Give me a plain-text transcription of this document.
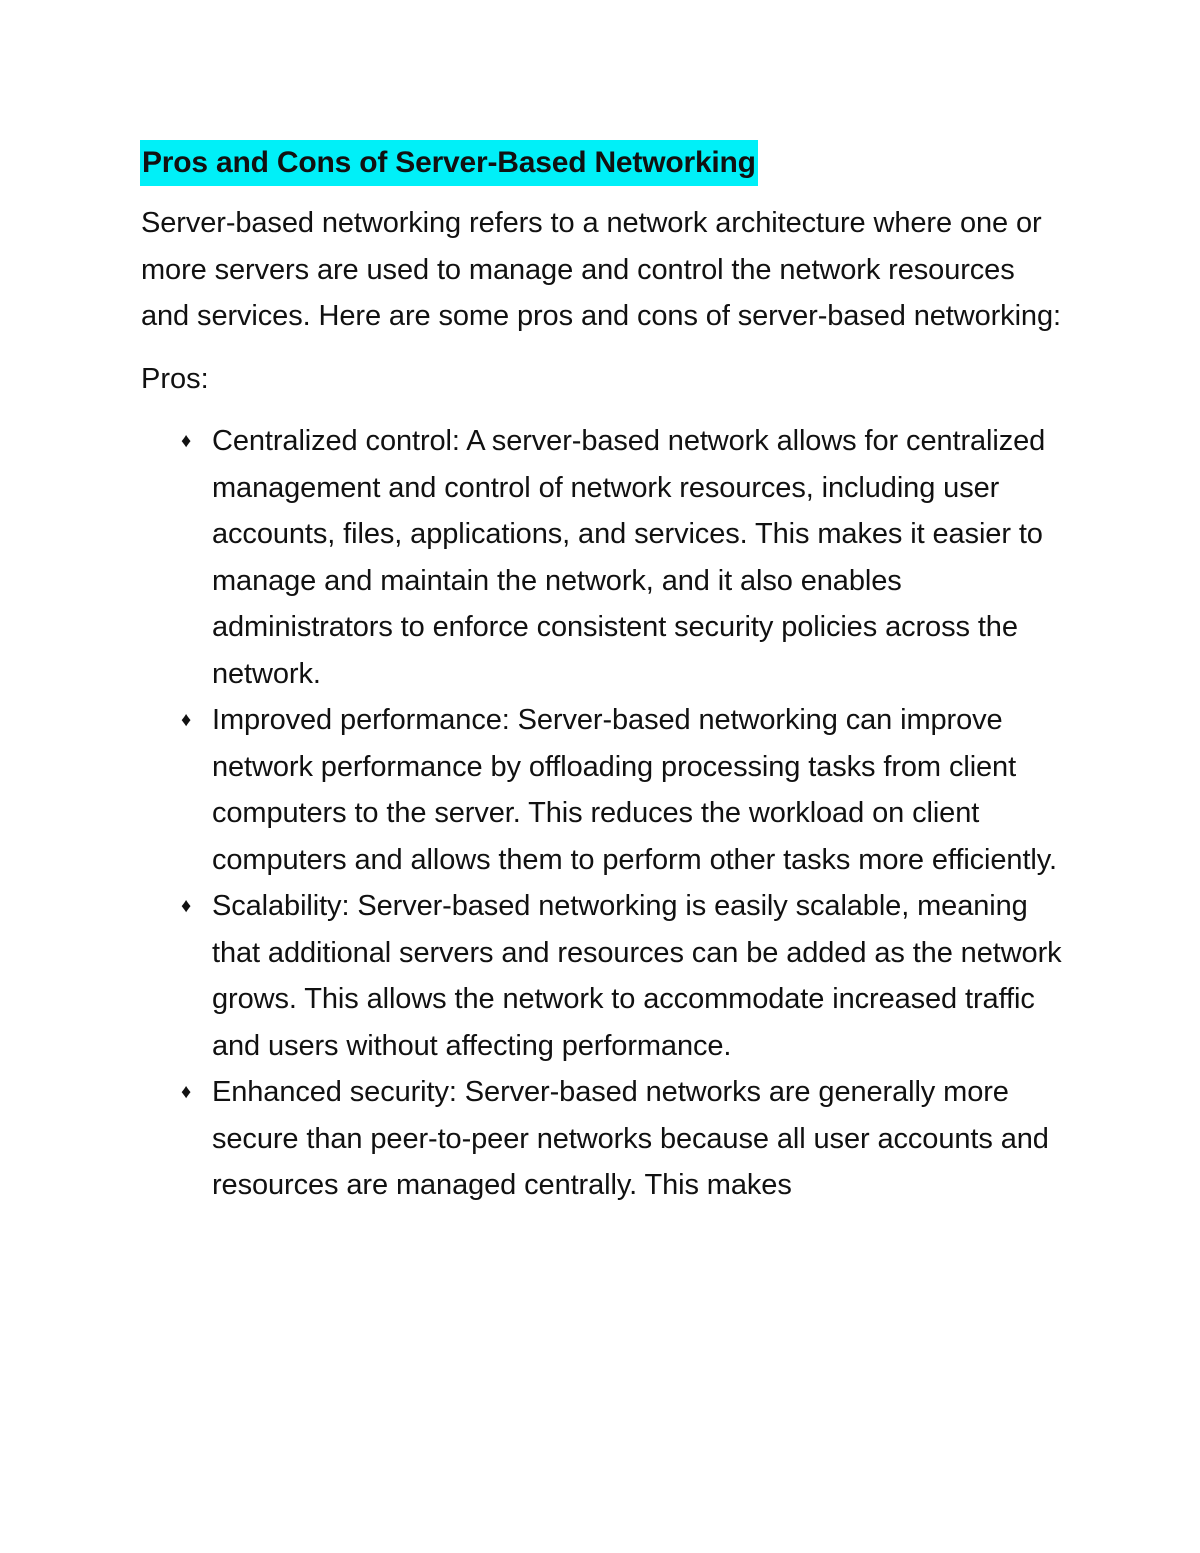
Pros and Cons of Server-Based Networking

Server-based networking refers to a network architecture where one or more servers are used to manage and control the network resources and services. Here are some pros and cons of server-based networking:

Pros:

♦ Centralized control: A server-based network allows for centralized management and control of network resources, including user accounts, files, applications, and services. This makes it easier to manage and maintain the network, and it also enables administrators to enforce consistent security policies across the network.
♦ Improved performance: Server-based networking can improve network performance by offloading processing tasks from client computers to the server. This reduces the workload on client computers and allows them to perform other tasks more efficiently.
♦ Scalability: Server-based networking is easily scalable, meaning that additional servers and resources can be added as the network grows. This allows the network to accommodate increased traffic and users without affecting performance.
♦ Enhanced security: Server-based networks are generally more secure than peer-to-peer networks because all user accounts and resources are managed centrally. This makes
